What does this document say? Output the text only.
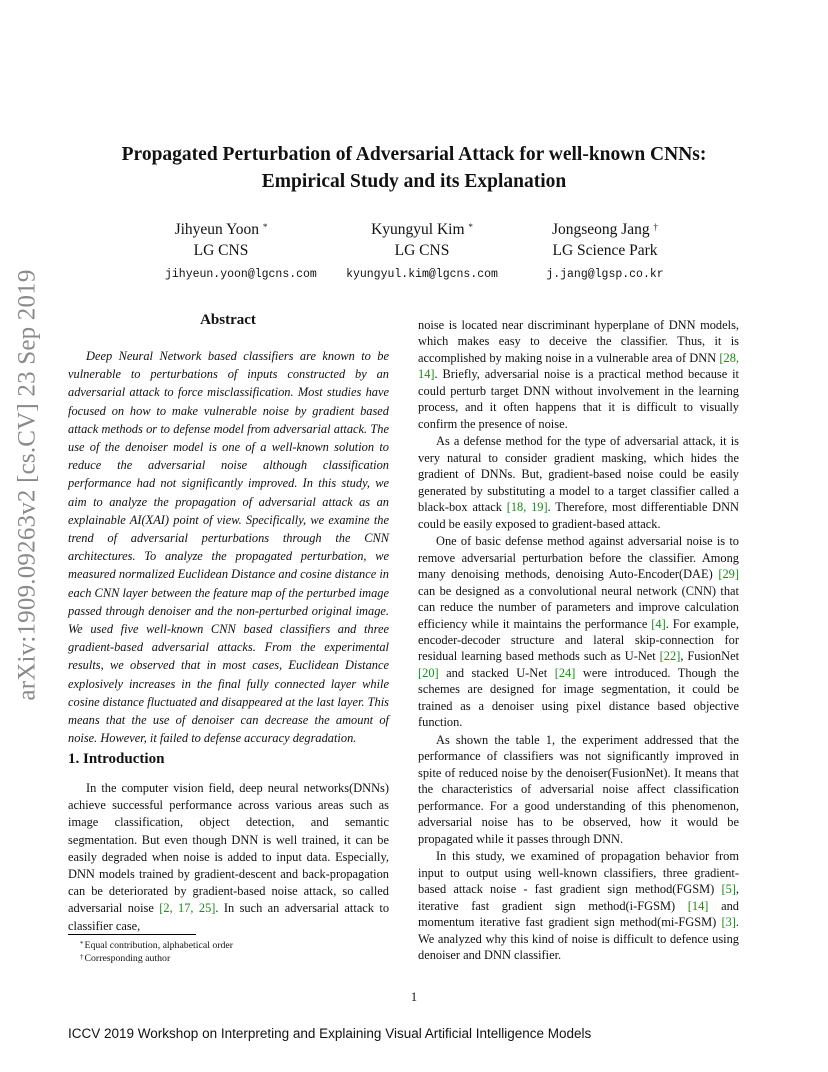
arXiv:1909.09263v2 [cs.CV] 23 Sep 2019
Propagated Perturbation of Adversarial Attack for well-known CNNs:
Empirical Study and its Explanation
Jihyeun Yoon *
LG CNS
jihyeun.yoon@lgcns.com
Kyungyul Kim *
LG CNS
kyungyul.kim@lgcns.com
Jongseong Jang †
LG Science Park
j.jang@lgsp.co.kr
Abstract
Deep Neural Network based classifiers are known to be vulnerable to perturbations of inputs constructed by an adversarial attack to force misclassification. Most studies have focused on how to make vulnerable noise by gradient based attack methods or to defense model from adversarial attack. The use of the denoiser model is one of a well-known solution to reduce the adversarial noise although classification performance had not significantly improved. In this study, we aim to analyze the propagation of adversarial attack as an explainable AI(XAI) point of view. Specifically, we examine the trend of adversarial perturbations through the CNN architectures. To analyze the propagated perturbation, we measured normalized Euclidean Distance and cosine distance in each CNN layer between the feature map of the perturbed image passed through denoiser and the non-perturbed original image. We used five well-known CNN based classifiers and three gradient-based adversarial attacks. From the experimental results, we observed that in most cases, Euclidean Distance explosively increases in the final fully connected layer while cosine distance fluctuated and disappeared at the last layer. This means that the use of denoiser can decrease the amount of noise. However, it failed to defense accuracy degradation.
1. Introduction
In the computer vision field, deep neural networks(DNNs) achieve successful performance across various areas such as image classification, object detection, and semantic segmentation. But even though DNN is well trained, it can be easily degraded when noise is added to input data. Especially, DNN models trained by gradient-descent and back-propagation can be deteriorated by gradient-based noise attack, so called adversarial noise [2, 17, 25]. In such an adversarial attack to classifier case,
*Equal contribution, alphabetical order
†Corresponding author

noise is located near discriminant hyperplane of DNN models, which makes easy to deceive the classifier. Thus, it is accomplished by making noise in a vulnerable area of DNN [28, 14]. Briefly, adversarial noise is a practical method because it could perturb target DNN without involvement in the learning process, and it often happens that it is difficult to visually confirm the presence of noise.

As a defense method for the type of adversarial attack, it is very natural to consider gradient masking, which hides the gradient of DNNs. But, gradient-based noise could be easily generated by substituting a model to a target classifier called a black-box attack [18, 19]. Therefore, most differentiable DNN could be easily exposed to gradient-based attack.

One of basic defense method against adversarial noise is to remove adversarial perturbation before the classifier. Among many denoising methods, denoising Auto-Encoder(DAE) [29] can be designed as a convolutional neural network (CNN) that can reduce the number of parameters and improve calculation efficiency while it maintains the performance [4]. For example, encoder-decoder structure and lateral skip-connection for residual learning based methods such as U-Net [22], FusionNet [20] and stacked U-Net [24] were introduced. Though the schemes are designed for image segmentation, it could be trained as a denoiser using pixel distance based objective function.

As shown the table 1, the experiment addressed that the performance of classifiers was not significantly improved in spite of reduced noise by the denoiser(FusionNet). It means that the characteristics of adversarial noise affect classification performance. For a good understanding of this phenomenon, adversarial noise has to be observed, how it would be propagated while it passes through DNN.

In this study, we examined of propagation behavior from input to output using well-known classifiers, three gradient-based attack noise - fast gradient sign method(FGSM) [5], iterative fast gradient sign method(i-FGSM) [14] and momentum iterative fast gradient sign method(mi-FGSM) [3]. We analyzed why this kind of noise is difficult to defence using denoiser and DNN classifier.

1
ICCV 2019 Workshop on Interpreting and Explaining Visual Artificial Intelligence Models
